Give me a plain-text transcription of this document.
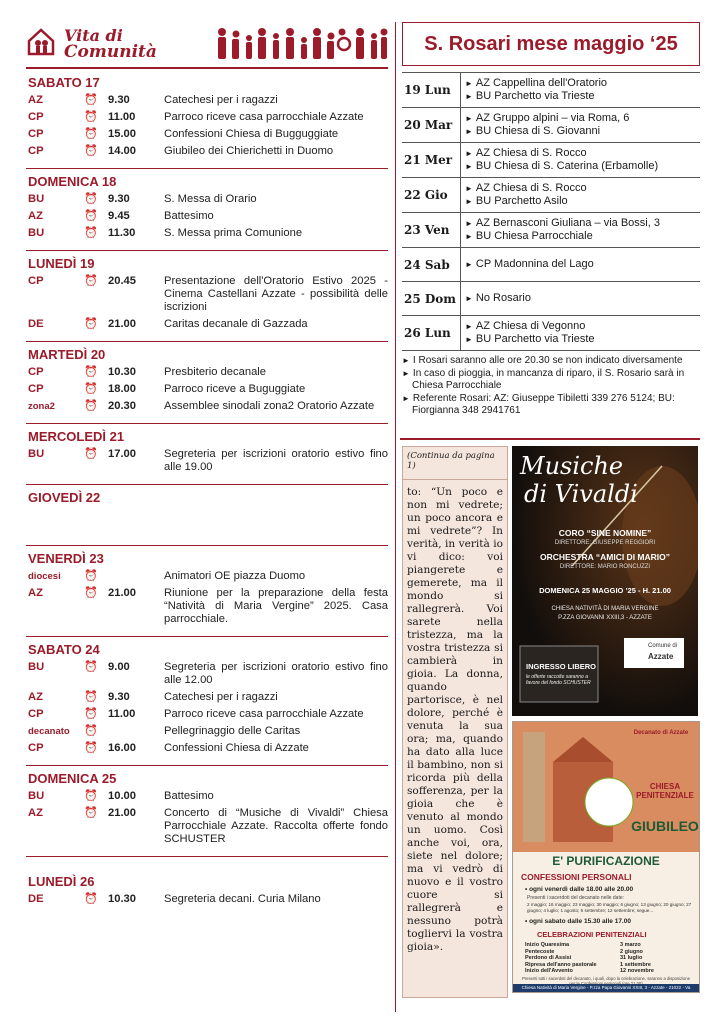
Vita di
Comunità
SABATO 17
AZ	⏰ 9.30	Catechesi per i ragazzi
CP	⏰ 11.00	Parroco riceve casa parrocchiale Azzate
CP	⏰ 15.00	Confessioni Chiesa di Bugguggiate
CP	⏰ 14.00	Giubileo dei Chierichetti in Duomo
DOMENICA 18
BU	⏰ 9.30	S. Messa di Orario
AZ	⏰ 9.45	Battesimo
BU	⏰ 11.30	S. Messa prima Comunione
LUNEDÌ 19
CP	⏰ 20.45	Presentazione dell'Oratorio Estivo 2025 - Cinema Castellani Azzate - possibilità delle iscrizioni
DE	⏰ 21.00	Caritas decanale di Gazzada
MARTEDÌ 20
CP	⏰ 10.30	Presbiterio decanale
CP	⏰ 18.00	Parroco riceve a Buguggiate
zona2	⏰ 20.30	Assemblee sinodali zona2 Oratorio Azzate
MERCOLEDÌ 21
BU	⏰ 17.00	Segreteria per iscrizioni oratorio estivo fino alle 19.00
GIOVEDÌ 22
VENERDÌ 23
diocesi	⏰	Animatori OE piazza Duomo
AZ	⏰ 21.00	Riunione per la preparazione della festa “Natività di Maria Vergine” 2025. Casa parrocchiale.
SABATO 24
BU	⏰ 9.00	Segreteria per iscrizioni oratorio estivo fino alle 12.00
AZ	⏰ 9.30	Catechesi per i ragazzi
CP	⏰ 11.00	Parroco riceve casa parrocchiale Azzate
decanato	⏰	Pellegrinaggio delle Caritas
CP	⏰ 16.00	Confessioni Chiesa di Azzate
DOMENICA 25
BU	⏰ 10.00	Battesimo
AZ	⏰ 21.00	Concerto di “Musiche di Vivaldi” Chiesa Parrocchiale Azzate. Raccolta offerte fondo SCHUSTER
LUNEDÌ 26
DE	⏰ 10.30	Segreteria decani. Curia Milano
S. Rosari mese maggio ‘25
19 Lun	► AZ Cappellina dell'Oratorio
► BU Parchetto via Trieste

20 Mar	► AZ Gruppo alpini – via Roma, 6
► BU Chiesa di S. Giovanni

21 Mer	► AZ Chiesa di S. Rocco
► BU Chiesa di S. Caterina (Erbamolle)

22 Gio	► AZ Chiesa di S. Rocco
► BU Parchetto Asilo

23 Ven	► AZ Bernasconi Giuliana – via Bossi, 3
► BU Chiesa Parrocchiale

24 Sab	► CP Madonnina del Lago

25 Dom	► No Rosario

26 Lun	► AZ Chiesa di Vegonno
► BU Parchetto via Trieste
► I Rosari saranno alle ore 20.30 se non indicato diversamente
► In caso di pioggia, in mancanza di riparo, il S. Rosario sarà in Chiesa Parrocchiale
► Referente Rosari: AZ: Giuseppe Tibiletti 339 276 5124; BU: Fiorgianna 348 2941761
(Continua da pagina 1)
to: “Un poco e non mi vedrete; un poco ancora e mi vedrete”? In verità, in verità io vi dico: voi piangerete e gemerete, ma il mondo si rallegrerà. Voi sarete nella tristezza, ma la vostra tristezza si cambierà in gioia. La donna, quando partorisce, è nel dolore, perché è venuta la sua ora; ma, quando ha dato alla luce il bambino, non si ricorda più della sofferenza, per la gioia che è venuto al mondo un uomo. Così anche voi, ora, siete nel dolore; ma vi vedrò di nuovo e il vostro cuore si rallegrerà e nessuno potrà togliervi la vostra gioia».
Musiche
di Vivaldi
CORO “SINE NOMINE”
DIRETTORE: GIUSEPPE REGGIORI
ORCHESTRA “AMICI DI MARIO”
DIRETTORE: MARIO RONCUZZI
DOMENICA 25 MAGGIO ’25 - H. 21.00
CHIESA NATIVITÀ DI MARIA VERGINE
P.ZZA GIOVANNI XXIII,3 - AZZATE
INGRESSO LIBERO
le offerte raccolte saranno a favore del fondo SCHUSTER
Comune di
Azzate
Decanato di Azzate
CHIESA PENITENZIALE
GIUBILEO
E' PURIFICAZIONE
CONFESSIONI PERSONALI
• ogni venerdì dalle 18.00 alle 20.00
Presenti i sacerdoti del decanato nelle date:
2 maggio; 16 maggio; 23 maggio; 30 maggio; 6 giugno; 13 giugno; 20 giugno; 27 giugno; 4 luglio; 1 agosto; 5 settembre; 12 settembre; segue...
• ogni sabato dalle 15.30 alle 17.00
CELEBRAZIONI PENITENZIALI
Inizio Quaresima	3 marzo
Pentecoste	2 giugno
Perdono di Assisi	31 luglio
Ripresa dell'anno pastorale	1 settembre
Inizio dell'Avvento	12 novembre
Presenti tutti i sacerdoti del decanato, i quali, dopo la celebrazione, saranno a disposizione
Chiesa Natività di Maria Vergine - P.zza Papa Giovanni XXIII, 3 - Azzate - 21022 - Va
